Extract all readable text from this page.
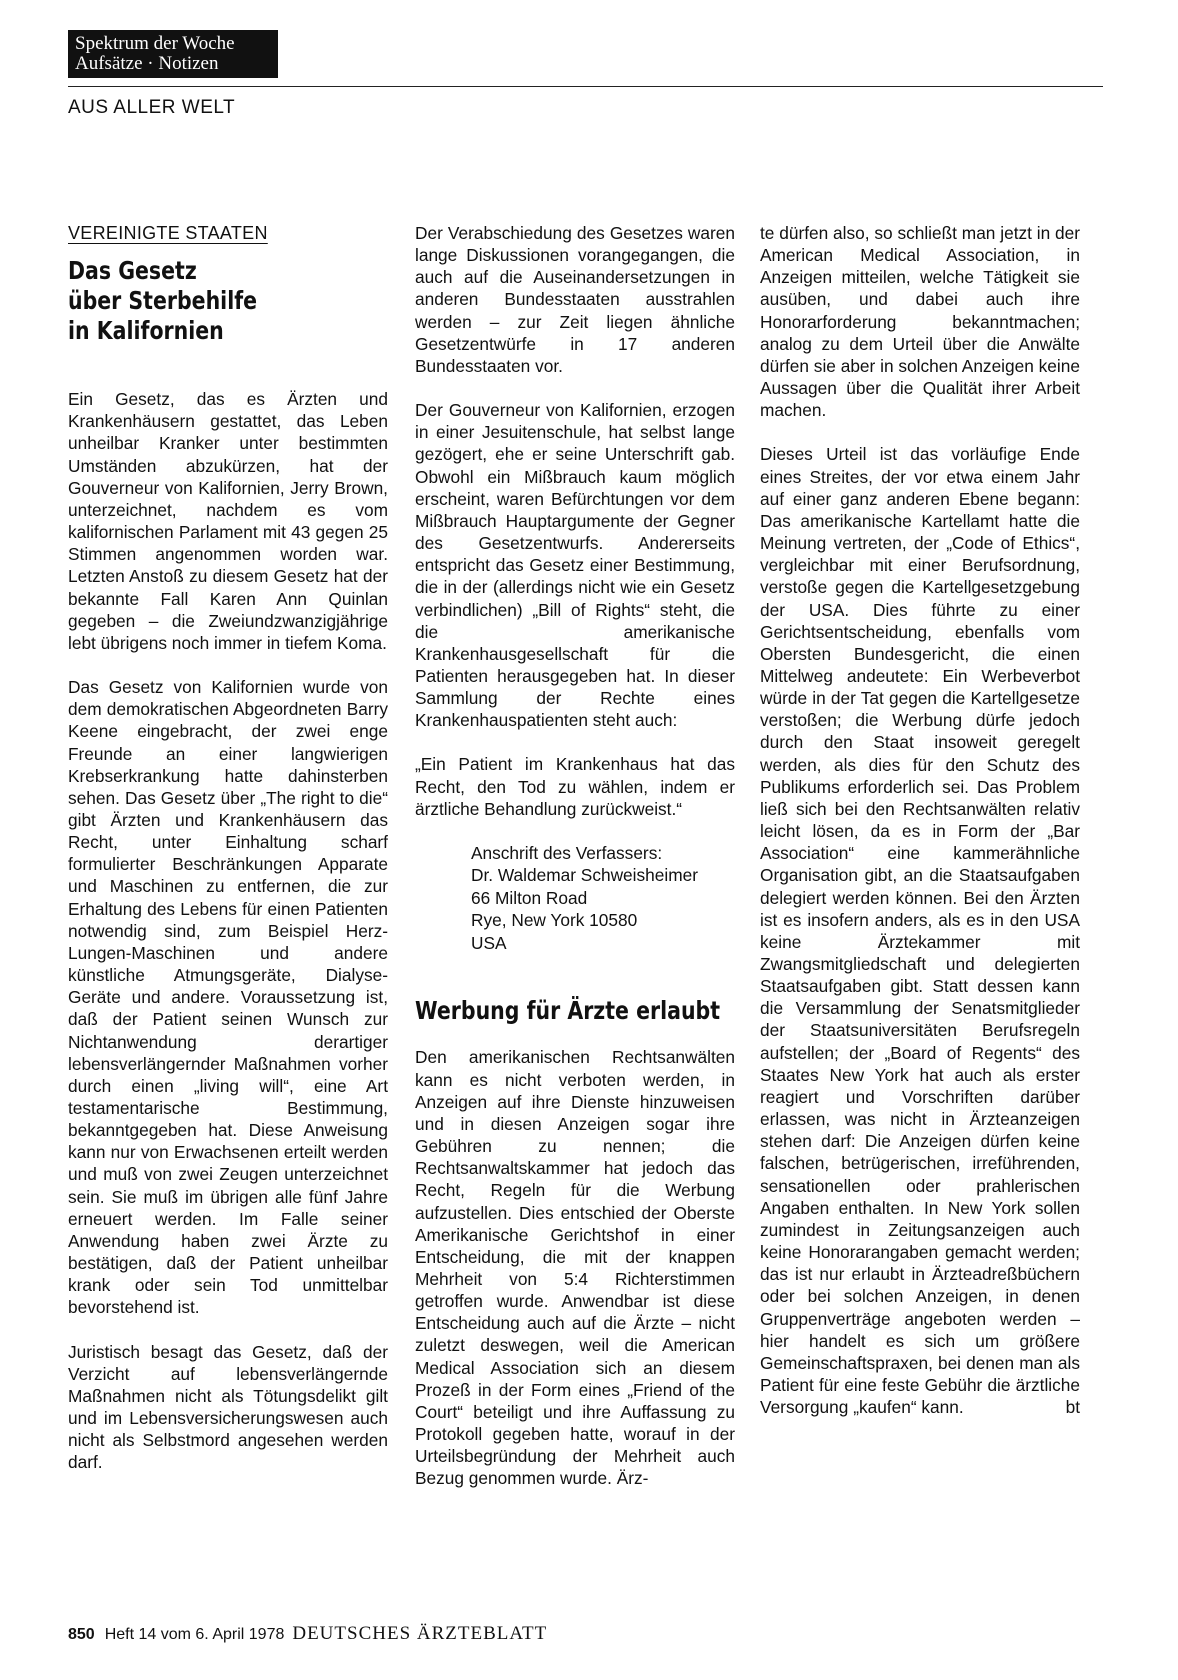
Spektrum der Woche
Aufsätze · Notizen
AUS ALLER WELT
VEREINIGTE STAATEN
Das Gesetz
über Sterbehilfe
in Kalifornien

Ein Gesetz, das es Ärzten und Krankenhäusern gestattet, das Leben unheilbar Kranker unter bestimmten Umständen abzukürzen, hat der Gouverneur von Kalifornien, Jerry Brown, unterzeichnet, nachdem es vom kalifornischen Parlament mit 43 gegen 25 Stimmen angenommen worden war. Letzten Anstoß zu diesem Gesetz hat der bekannte Fall Karen Ann Quinlan gegeben – die Zweiundzwanzigjährige lebt übrigens noch immer in tiefem Koma.

Das Gesetz von Kalifornien wurde von dem demokratischen Abgeordneten Barry Keene eingebracht, der zwei enge Freunde an einer langwierigen Krebserkrankung hatte dahinsterben sehen. Das Gesetz über „The right to die“ gibt Ärzten und Krankenhäusern das Recht, unter Einhaltung scharf formulierter Beschränkungen Apparate und Maschinen zu entfernen, die zur Erhaltung des Lebens für einen Patienten notwendig sind, zum Beispiel Herz-Lungen-Maschinen und andere künstliche Atmungsgeräte, Dialyse-Geräte und andere. Voraussetzung ist, daß der Patient seinen Wunsch zur Nichtanwendung derartiger lebensverlängernder Maßnahmen vorher durch einen „living will“, eine Art testamentarische Bestimmung, bekanntgegeben hat. Diese Anweisung kann nur von Erwachsenen erteilt werden und muß von zwei Zeugen unterzeichnet sein. Sie muß im übrigen alle fünf Jahre erneuert werden. Im Falle seiner Anwendung haben zwei Ärzte zu bestätigen, daß der Patient unheilbar krank oder sein Tod unmittelbar bevorstehend ist.

Juristisch besagt das Gesetz, daß der Verzicht auf lebensverlängernde Maßnahmen nicht als Tötungsdelikt gilt und im Lebensversicherungswesen auch nicht als Selbstmord angesehen werden darf.

Der Verabschiedung des Gesetzes waren lange Diskussionen vorangegangen, die auch auf die Auseinandersetzungen in anderen Bundesstaaten ausstrahlen werden – zur Zeit liegen ähnliche Gesetzentwürfe in 17 anderen Bundesstaaten vor.

Der Gouverneur von Kalifornien, erzogen in einer Jesuitenschule, hat selbst lange gezögert, ehe er seine Unterschrift gab. Obwohl ein Mißbrauch kaum möglich erscheint, waren Befürchtungen vor dem Mißbrauch Hauptargumente der Gegner des Gesetzentwurfs. Andererseits entspricht das Gesetz einer Bestimmung, die in der (allerdings nicht wie ein Gesetz verbindlichen) „Bill of Rights“ steht, die die amerikanische Krankenhausgesellschaft für die Patienten herausgegeben hat. In dieser Sammlung der Rechte eines Krankenhauspatienten steht auch:

„Ein Patient im Krankenhaus hat das Recht, den Tod zu wählen, indem er ärztliche Behandlung zurückweist.“

Anschrift des Verfassers:
Dr. Waldemar Schweisheimer
66 Milton Road
Rye, New York 10580
USA
Werbung für Ärzte erlaubt

Den amerikanischen Rechtsanwälten kann es nicht verboten werden, in Anzeigen auf ihre Dienste hinzuweisen und in diesen Anzeigen sogar ihre Gebühren zu nennen; die Rechtsanwaltskammer hat jedoch das Recht, Regeln für die Werbung aufzustellen. Dies entschied der Oberste Amerikanische Gerichtshof in einer Entscheidung, die mit der knappen Mehrheit von 5:4 Richterstimmen getroffen wurde. Anwendbar ist diese Entscheidung auch auf die Ärzte – nicht zuletzt deswegen, weil die American Medical Association sich an diesem Prozeß in der Form eines „Friend of the Court“ beteiligt und ihre Auffassung zu Protokoll gegeben hatte, worauf in der Urteilsbegründung der Mehrheit auch Bezug genommen wurde. Ärz-

te dürfen also, so schließt man jetzt in der American Medical Association, in Anzeigen mitteilen, welche Tätigkeit sie ausüben, und dabei auch ihre Honorarforderung bekanntmachen; analog zu dem Urteil über die Anwälte dürfen sie aber in solchen Anzeigen keine Aussagen über die Qualität ihrer Arbeit machen.

Dieses Urteil ist das vorläufige Ende eines Streites, der vor etwa einem Jahr auf einer ganz anderen Ebene begann: Das amerikanische Kartellamt hatte die Meinung vertreten, der „Code of Ethics“, vergleichbar mit einer Berufsordnung, verstoße gegen die Kartellgesetzgebung der USA. Dies führte zu einer Gerichtsentscheidung, ebenfalls vom Obersten Bundesgericht, die einen Mittelweg andeutete: Ein Werbeverbot würde in der Tat gegen die Kartellgesetze verstoßen; die Werbung dürfe jedoch durch den Staat insoweit geregelt werden, als dies für den Schutz des Publikums erforderlich sei. Das Problem ließ sich bei den Rechtsanwälten relativ leicht lösen, da es in Form der „Bar Association“ eine kammerähnliche Organisation gibt, an die Staatsaufgaben delegiert werden können. Bei den Ärzten ist es insofern anders, als es in den USA keine Ärztekammer mit Zwangsmitgliedschaft und delegierten Staatsaufgaben gibt. Statt dessen kann die Versammlung der Senatsmitglieder der Staatsuniversitäten Berufsregeln aufstellen; der „Board of Regents“ des Staates New York hat auch als erster reagiert und Vorschriften darüber erlassen, was nicht in Ärzteanzeigen stehen darf: Die Anzeigen dürfen keine falschen, betrügerischen, irreführenden, sensationellen oder prahlerischen Angaben enthalten. In New York sollen zumindest in Zeitungsanzeigen auch keine Honorarangaben gemacht werden; das ist nur erlaubt in Ärzteadreßbüchern oder bei solchen Anzeigen, in denen Gruppenverträge angeboten werden – hier handelt es sich um größere Gemeinschaftspraxen, bei denen man als Patient für eine feste Gebühr die ärztliche Versorgung „kaufen“ kann.	bt

850 Heft 14 vom 6. April 1978 DEUTSCHES ÄRZTEBLATT
